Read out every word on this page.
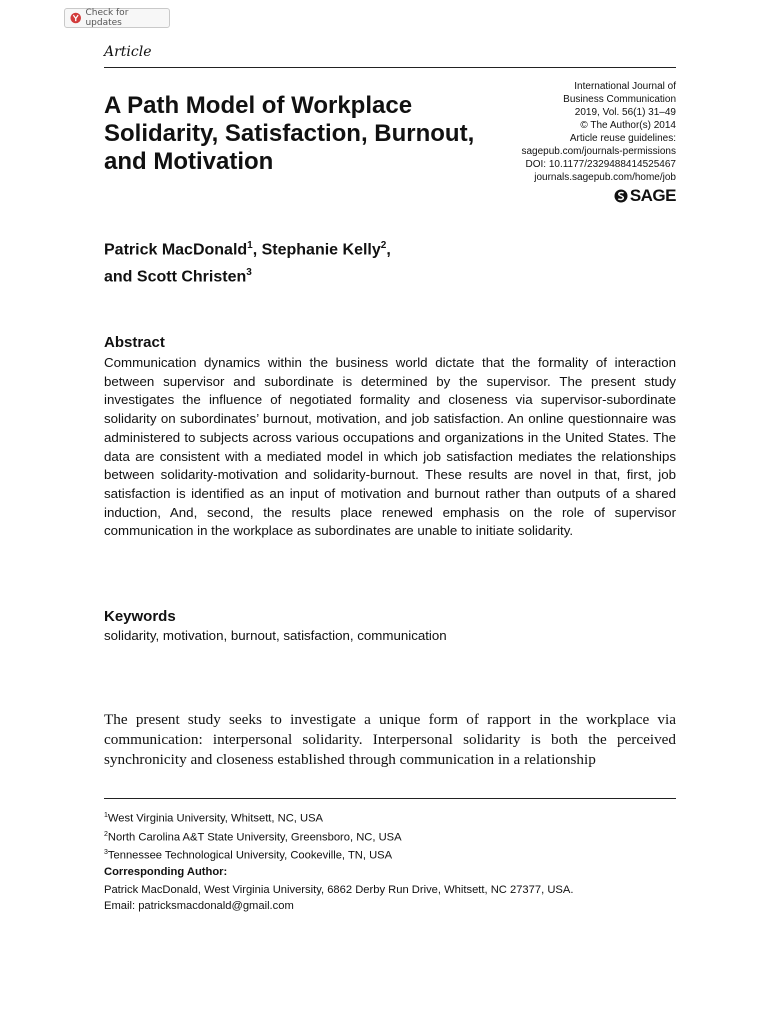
Check for updates
Article
A Path Model of Workplace Solidarity, Satisfaction, Burnout, and Motivation
International Journal of
Business Communication
2019, Vol. 56(1) 31–49
© The Author(s) 2014
Article reuse guidelines:
sagepub.com/journals-permissions
DOI: 10.1177/2329488414525467
journals.sagepub.com/home/job
SAGE
Patrick MacDonald$^1$, Stephanie Kelly$^2$,
and Scott Christen$^3$
Abstract

Communication dynamics within the business world dictate that the formality of interaction between supervisor and subordinate is determined by the supervisor. The present study investigates the influence of negotiated formality and closeness via supervisor-subordinate solidarity on subordinates’ burnout, motivation, and job satisfaction. An online questionnaire was administered to subjects across various occupations and organizations in the United States. The data are consistent with a mediated model in which job satisfaction mediates the relationships between solidarity-motivation and solidarity-burnout. These results are novel in that, first, job satisfaction is identified as an input of motivation and burnout rather than outputs of a shared induction, And, second, the results place renewed emphasis on the role of supervisor communication in the workplace as subordinates are unable to initiate solidarity.

Keywords
solidarity, motivation, burnout, satisfaction, communication

The present study seeks to investigate a unique form of rapport in the workplace via communication: interpersonal solidarity. Interpersonal solidarity is both the perceived synchronicity and closeness established through communication in a relationship

$^1$West Virginia University, Whitsett, NC, USA
$^2$North Carolina A&T State University, Greensboro, NC, USA
$^3$Tennessee Technological University, Cookeville, TN, USA
Corresponding Author:
Patrick MacDonald, West Virginia University, 6862 Derby Run Drive, Whitsett, NC 27377, USA.
Email: patricksmacdonald@gmail.com
